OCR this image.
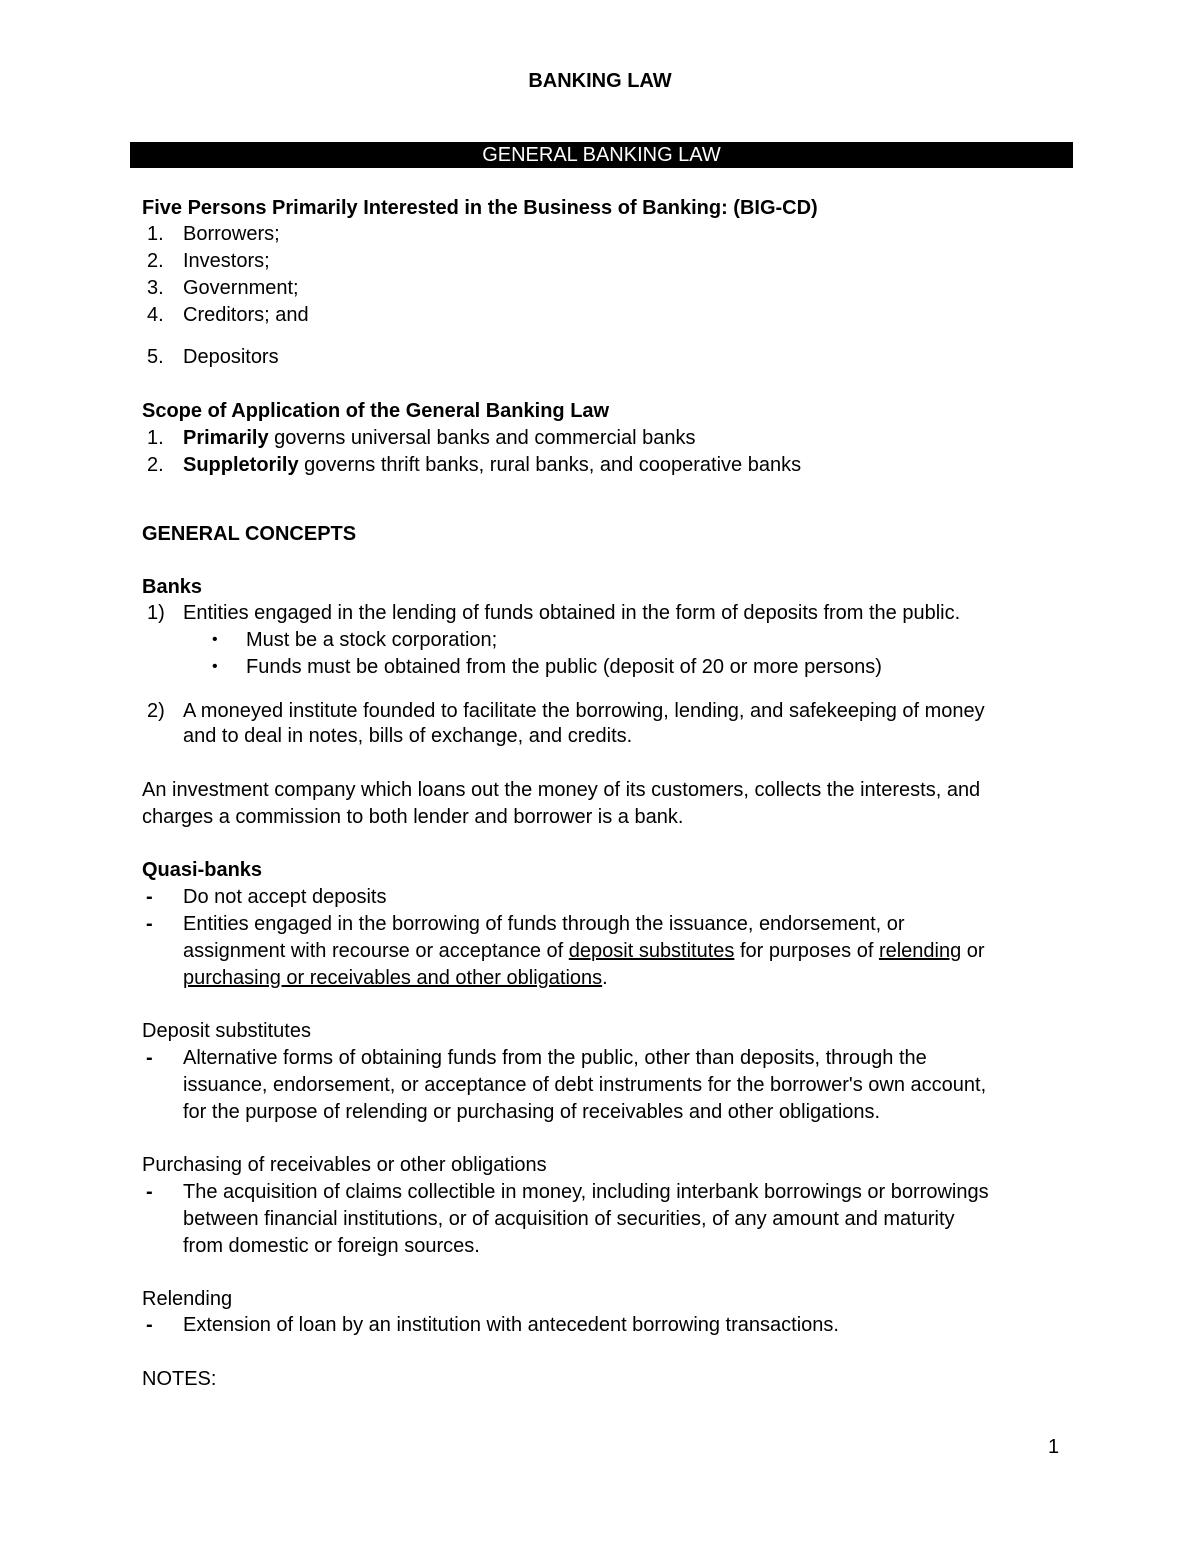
BANKING LAW
GENERAL BANKING LAW
Five Persons Primarily Interested in the Business of Banking: (BIG-CD)
1. Borrowers;
2. Investors;
3. Government;
4. Creditors; and
5. Depositors
Scope of Application of the General Banking Law
1. Primarily governs universal banks and commercial banks
2. Suppletorily governs thrift banks, rural banks, and cooperative banks
GENERAL CONCEPTS
Banks
1) Entities engaged in the lending of funds obtained in the form of deposits from the public.
• Must be a stock corporation;
• Funds must be obtained from the public (deposit of 20 or more persons)
2) A moneyed institute founded to facilitate the borrowing, lending, and safekeeping of money
and to deal in notes, bills of exchange, and credits.
An investment company which loans out the money of its customers, collects the interests, and
charges a commission to both lender and borrower is a bank.
Quasi-banks
- Do not accept deposits
- Entities engaged in the borrowing of funds through the issuance, endorsement, or
assignment with recourse or acceptance of deposit substitutes for purposes of relending or
purchasing or receivables and other obligations.
Deposit substitutes
- Alternative forms of obtaining funds from the public, other than deposits, through the
issuance, endorsement, or acceptance of debt instruments for the borrower's own account,
for the purpose of relending or purchasing of receivables and other obligations.
Purchasing of receivables or other obligations
- The acquisition of claims collectible in money, including interbank borrowings or borrowings
between financial institutions, or of acquisition of securities, of any amount and maturity
from domestic or foreign sources.
Relending
- Extension of loan by an institution with antecedent borrowing transactions.
NOTES:
1
